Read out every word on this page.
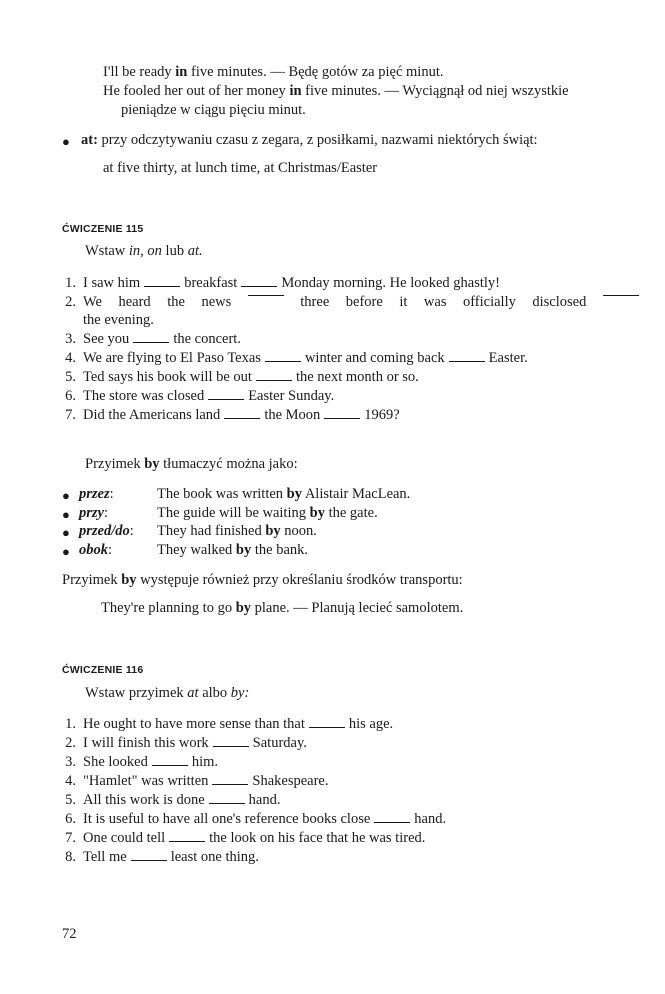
I'll be ready in five minutes. — Będę gotów za pięć minut.
He fooled her out of her money in five minutes. — Wyciągnął od niej wszystkie
pieniądze w ciągu pięciu minut.
● at: przy odczytywaniu czasu z zegara, z posiłkami, nazwami niektórych świąt:
at five thirty, at lunch time, at Christmas/Easter
ĆWICZENIE 115
Wstaw in, on lub at.
1. I saw him	breakfast	Monday morning. He looked ghastly!
2. We heard the news	three before it was officially disclosed
the evening.
3. See you	the concert.
4. We are flying to El Paso Texas	winter and coming back	Easter.
5. Ted says his book will be out	the next month or so.
6. The store was closed	Easter Sunday.
7. Did the Americans land	the Moon	1969?
Przyimek by tłumaczyć można jako:
● przez:	The book was written by Alistair MacLean.
● przy:	The guide will be waiting by the gate.
● przed/do: They had finished by noon.
● obok:	They walked by the bank.
Przyimek by występuje również przy określaniu środków transportu:
They're planning to go by plane. — Planują lecieć samolotem.
ĆWICZENIE 116
Wstaw przyimek at albo by:
1. He ought to have more sense than that	his age.
2. I will finish this work	Saturday.
3. She looked	him.
4. "Hamlet" was written	Shakespeare.
5. All this work is done	hand.
6. It is useful to have all one's reference books close	hand.
7. One could tell	the look on his face that he was tired.
8. Tell me	least one thing.
72
